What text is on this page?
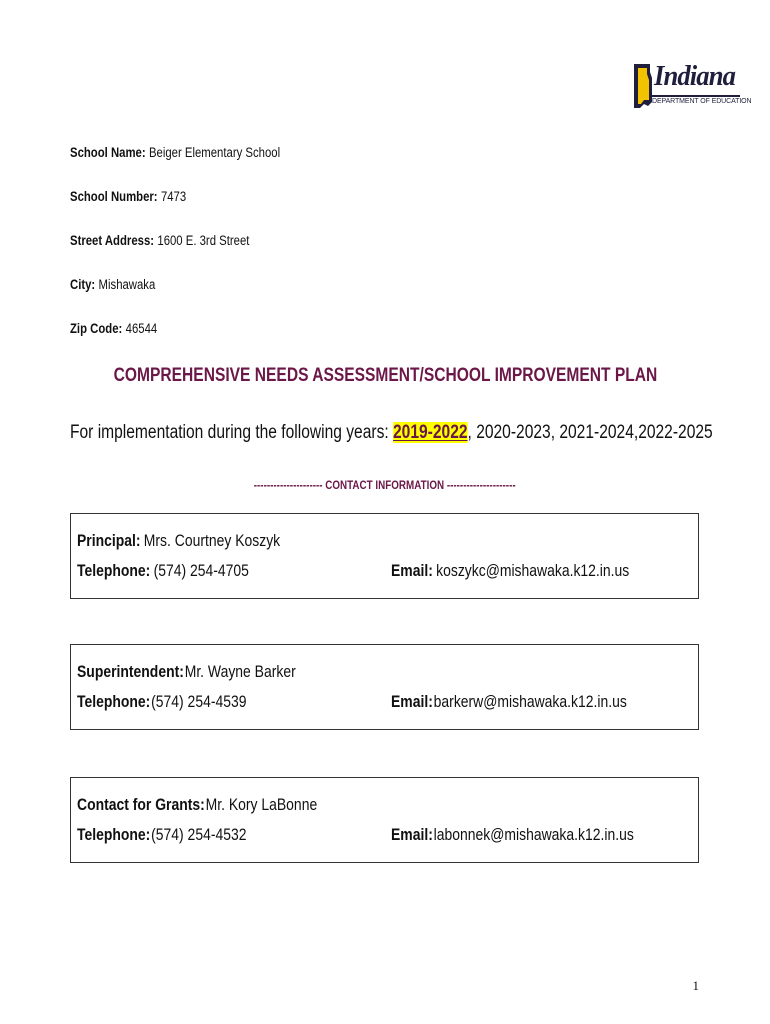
Indiana
DEPARTMENT OF EDUCATION
School Name: Beiger Elementary School
School Number: 7473
Street Address: 1600 E. 3rd Street
City: Mishawaka
Zip Code: 46544
COMPREHENSIVE NEEDS ASSESSMENT/SCHOOL IMPROVEMENT PLAN
For implementation during the following years: 2019-2022, 2020-2023, 2021-2024,2022-2025
--------------------- CONTACT INFORMATION ---------------------
Principal: Mrs. Courtney Koszyk
Telephone: (574) 254-4705	Email: koszykc@mishawaka.k12.in.us
Superintendent:Mr. Wayne Barker
Telephone:(574) 254-4539	Email:barkerw@mishawaka.k12.in.us
Contact for Grants:Mr. Kory LaBonne
Telephone:(574) 254-4532	Email:labonnek@mishawaka.k12.in.us
1
